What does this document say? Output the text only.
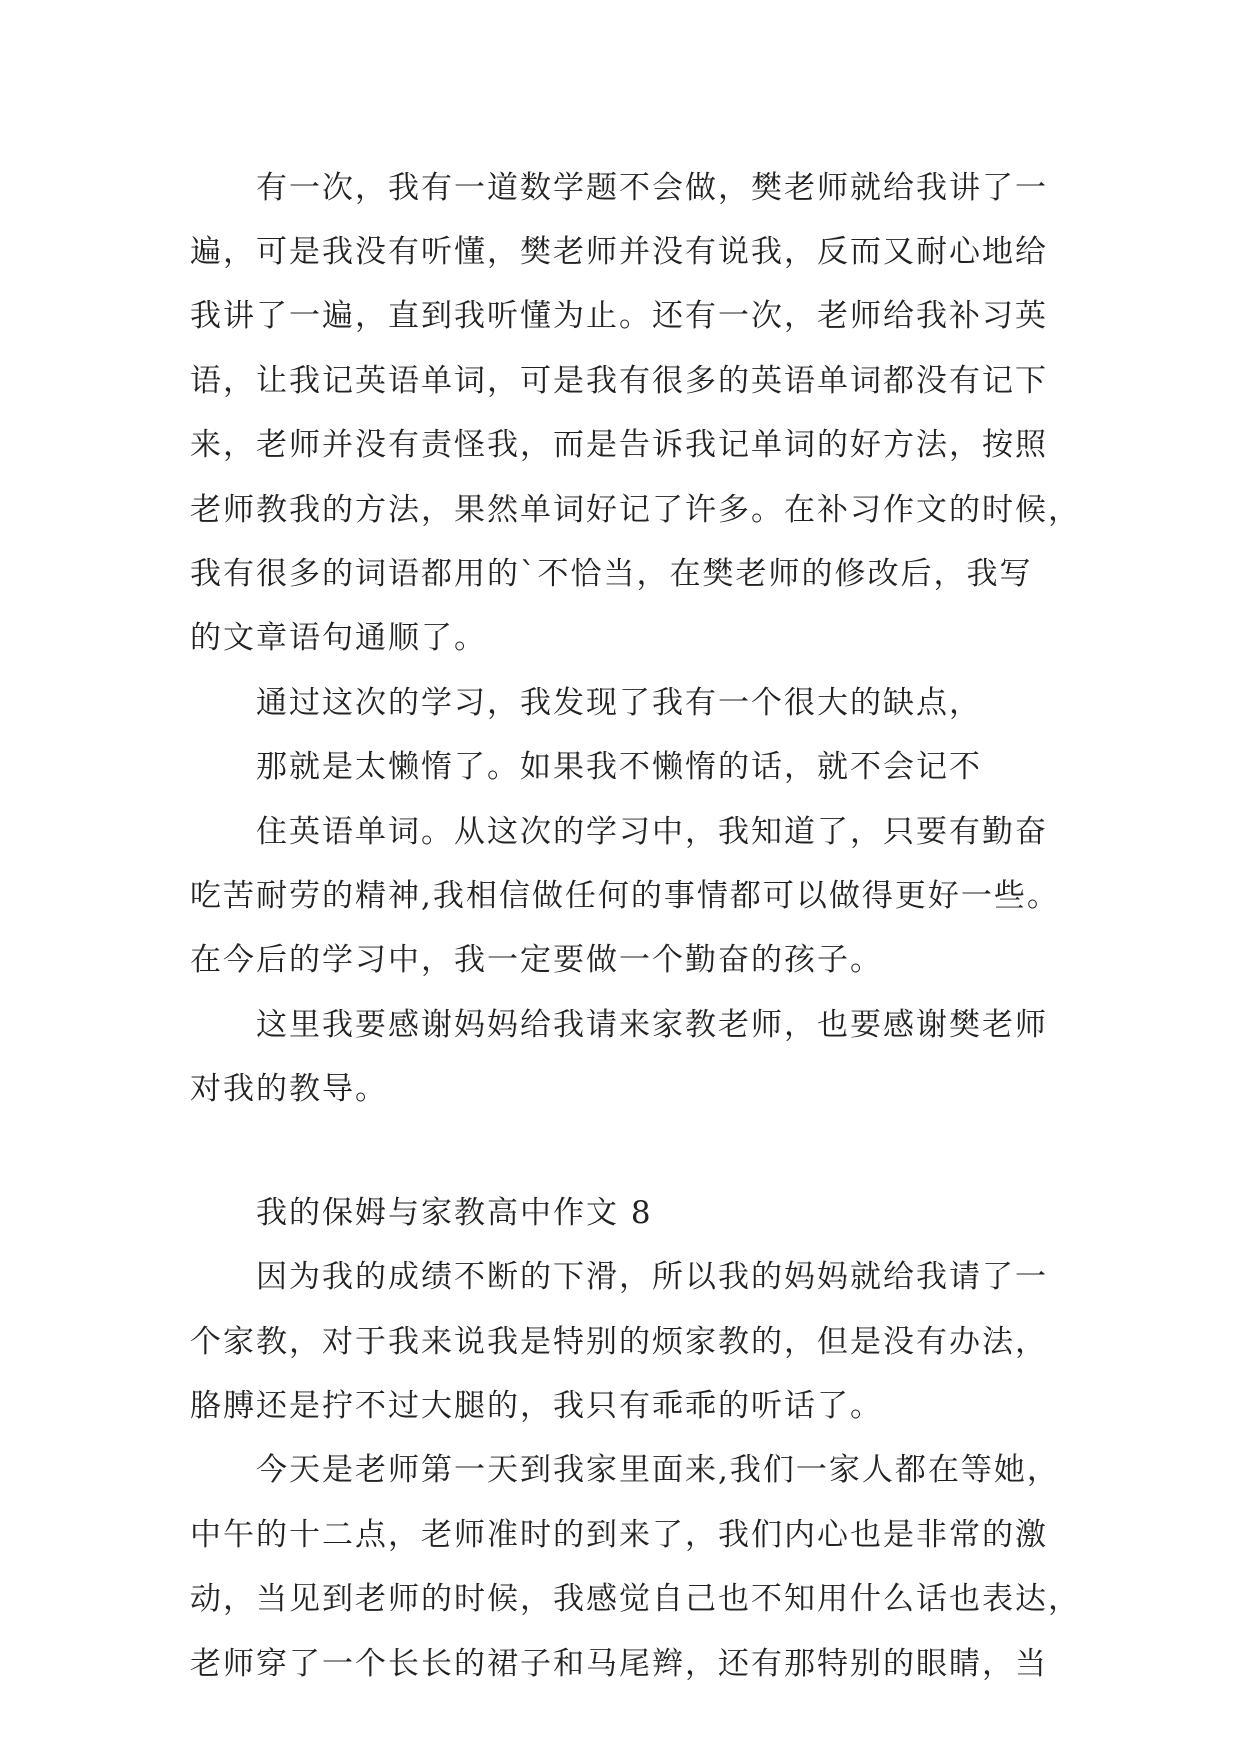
有一次，我有一道数学题不会做，樊老师就给我讲了一
遍，可是我没有听懂，樊老师并没有说我，反而又耐心地给
我讲了一遍，直到我听懂为止。还有一次，老师给我补习英
语，让我记英语单词，可是我有很多的英语单词都没有记下
来，老师并没有责怪我，而是告诉我记单词的好方法，按照
老师教我的方法，果然单词好记了许多。在补习作文的时候，
我有很多的词语都用的`不恰当，在樊老师的修改后，我写
的文章语句通顺了。
通过这次的学习，我发现了我有一个很大的缺点，
那就是太懒惰了。如果我不懒惰的话，就不会记不
住英语单词。从这次的学习中，我知道了，只要有勤奋
吃苦耐劳的精神,我相信做任何的事情都可以做得更好一些。
在今后的学习中，我一定要做一个勤奋的孩子。
这里我要感谢妈妈给我请来家教老师，也要感谢樊老师
对我的教导。
我的保姆与家教高中作文 8
因为我的成绩不断的下滑，所以我的妈妈就给我请了一
个家教，对于我来说我是特别的烦家教的，但是没有办法，
胳膊还是拧不过大腿的，我只有乖乖的听话了。
今天是老师第一天到我家里面来,我们一家人都在等她，
中午的十二点，老师准时的到来了，我们内心也是非常的激
动，当见到老师的时候，我感觉自己也不知用什么话也表达，
老师穿了一个长长的裙子和马尾辫，还有那特别的眼睛，当
